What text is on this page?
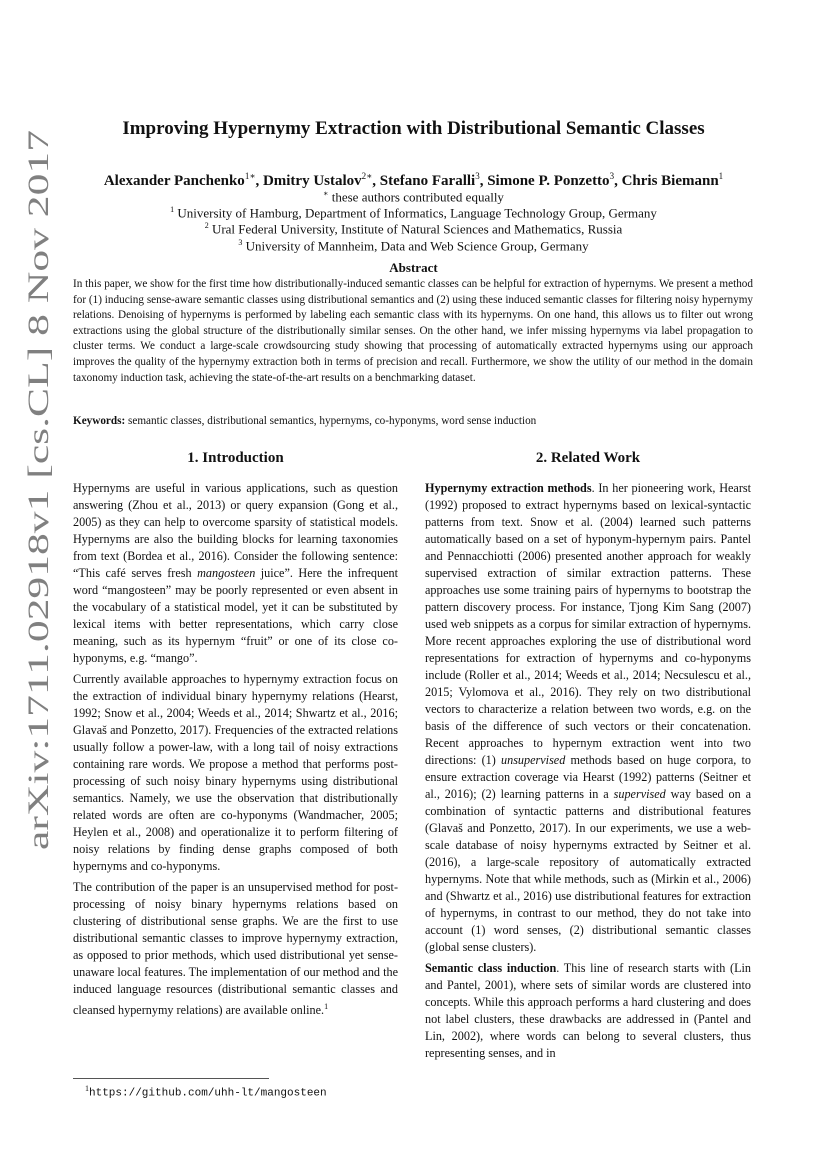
arXiv:1711.02918v1 [cs.CL] 8 Nov 2017
Improving Hypernymy Extraction with Distributional Semantic Classes
Alexander Panchenko$^{1∗}$, Dmitry Ustalov$^{2∗}$, Stefano Faralli$^3$, Simone P. Ponzetto$^3$, Chris Biemann$^1$
∗ these authors contributed equally
$^1$ University of Hamburg, Department of Informatics, Language Technology Group, Germany
$^2$ Ural Federal University, Institute of Natural Sciences and Mathematics, Russia
$^3$ University of Mannheim, Data and Web Science Group, Germany
Abstract
In this paper, we show for the first time how distributionally-induced semantic classes can be helpful for extraction of hypernyms. We present a method for (1) inducing sense-aware semantic classes using distributional semantics and (2) using these induced semantic classes for filtering noisy hypernymy relations. Denoising of hypernyms is performed by labeling each semantic class with its hypernyms. On one hand, this allows us to filter out wrong extractions using the global structure of the distributionally similar senses. On the other hand, we infer missing hypernyms via label propagation to cluster terms. We conduct a large-scale crowdsourcing study showing that processing of automatically extracted hypernyms using our approach improves the quality of the hypernymy extraction both in terms of precision and recall. Furthermore, we show the utility of our method in the domain taxonomy induction task, achieving the state-of-the-art results on a benchmarking dataset.
Keywords: semantic classes, distributional semantics, hypernyms, co-hyponyms, word sense induction
1. Introduction	2. Related Work

Hypernyms are useful in various applications, such as question answering (Zhou et al., 2013) or query expansion (Gong et al., 2005) as they can help to overcome sparsity of statistical models. Hypernyms are also the building blocks for learning taxonomies from text (Bordea et al., 2016). Consider the following sentence: “This café serves fresh mangosteen juice”. Here the infrequent word “mangosteen” may be poorly represented or even absent in the vocabulary of a statistical model, yet it can be substituted by lexical items with better representations, which carry close meaning, such as its hypernym “fruit” or one of its close co-hyponyms, e.g. “mango”.

Currently available approaches to hypernymy extraction focus on the extraction of individual binary hypernymy relations (Hearst, 1992; Snow et al., 2004; Weeds et al., 2014; Shwartz et al., 2016; Glavaš and Ponzetto, 2017). Frequencies of the extracted relations usually follow a power-law, with a long tail of noisy extractions containing rare words. We propose a method that performs post-processing of such noisy binary hypernyms using distributional semantics. Namely, we use the observation that distributionally related words are often are co-hyponyms (Wandmacher, 2005; Heylen et al., 2008) and operationalize it to perform filtering of noisy relations by finding dense graphs composed of both hypernyms and co-hyponyms.

The contribution of the paper is an unsupervised method for post-processing of noisy binary hypernyms relations based on clustering of distributional sense graphs. We are the first to use distributional semantic classes to improve hypernymy extraction, as opposed to prior methods, which used distributional yet sense-unaware local features. The implementation of our method and the induced language resources (distributional semantic classes and cleansed hypernymy relations) are available online.$^1$

Hypernymy extraction methods. In her pioneering work, Hearst (1992) proposed to extract hypernyms based on lexical-syntactic patterns from text. Snow et al. (2004) learned such patterns automatically based on a set of hyponym-hypernym pairs. Pantel and Pennacchiotti (2006) presented another approach for weakly supervised extraction of similar extraction patterns. These approaches use some training pairs of hypernyms to bootstrap the pattern discovery process. For instance, Tjong Kim Sang (2007) used web snippets as a corpus for similar extraction of hypernyms. More recent approaches exploring the use of distributional word representations for extraction of hypernyms and co-hyponyms include (Roller et al., 2014; Weeds et al., 2014; Necsulescu et al., 2015; Vylomova et al., 2016). They rely on two distributional vectors to characterize a relation between two words, e.g. on the basis of the difference of such vectors or their concatenation. Recent approaches to hypernym extraction went into two directions: (1) unsupervised methods based on huge corpora, to ensure extraction coverage via Hearst (1992) patterns (Seitner et al., 2016); (2) learning patterns in a supervised way based on a combination of syntactic patterns and distributional features (Glavaš and Ponzetto, 2017). In our experiments, we use a web-scale database of noisy hypernyms extracted by Seitner et al. (2016), a large-scale repository of automatically extracted hypernyms. Note that while methods, such as (Mirkin et al., 2006) and (Shwartz et al., 2016) use distributional features for extraction of hypernyms, in contrast to our method, they do not take into account (1) word senses, (2) distributional semantic classes (global sense clusters).

Semantic class induction. This line of research starts with (Lin and Pantel, 2001), where sets of similar words are clustered into concepts. While this approach performs a hard clustering and does not label clusters, these drawbacks are addressed in (Pantel and Lin, 2002), where words can belong to several clusters, thus representing senses, and in

$^1$https://github.com/uhh-lt/mangosteen
